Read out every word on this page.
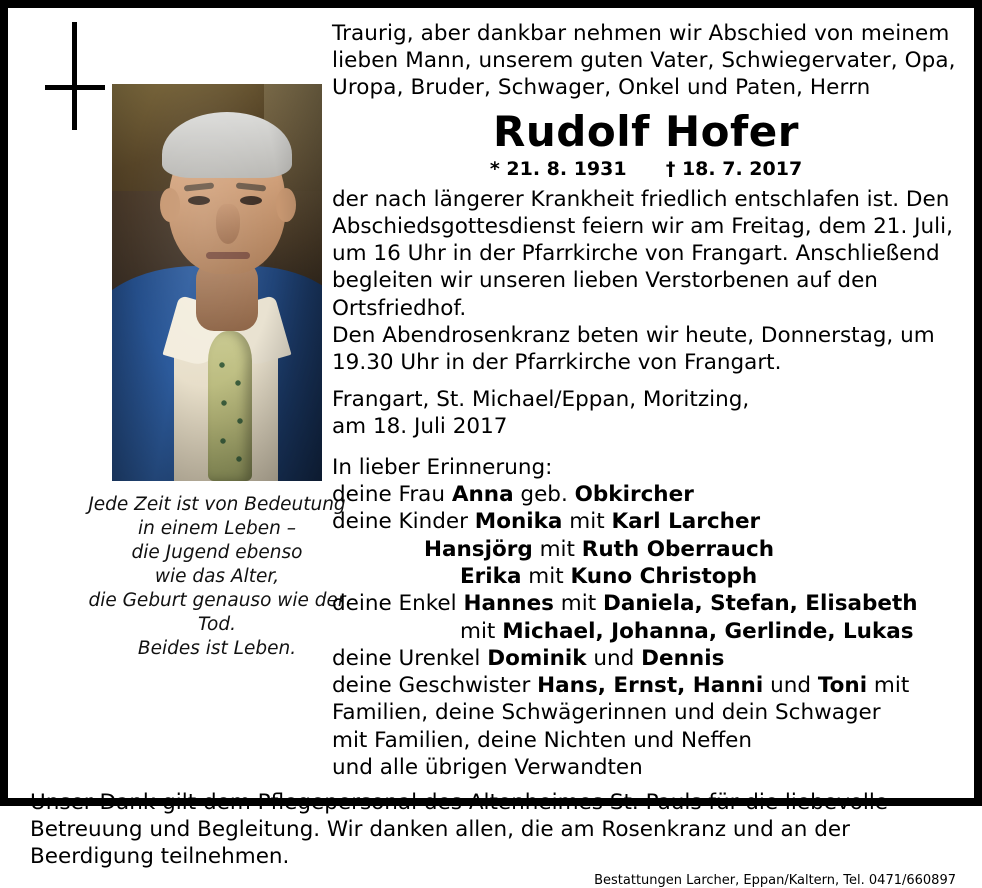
Jede Zeit ist von Bedeutung
in einem Leben –
die Jugend ebenso
wie das Alter,
die Geburt genauso wie der Tod.
Beides ist Leben.
Traurig, aber dankbar nehmen wir Abschied von meinem lieben Mann, unserem guten Vater, Schwiegervater, Opa, Uropa, Bruder, Schwager, Onkel und Paten, Herrn
Rudolf Hofer
* 21. 8. 1931 † 18. 7. 2017
der nach längerer Krankheit friedlich entschlafen ist. Den Abschiedsgottesdienst feiern wir am Freitag, dem 21. Juli, um 16 Uhr in der Pfarrkirche von Frangart. Anschließend begleiten wir unseren lieben Verstorbenen auf den Ortsfriedhof.
Den Abendrosenkranz beten wir heute, Donnerstag, um 19.30 Uhr in der Pfarrkirche von Frangart.
Frangart, St. Michael/Eppan, Moritzing,
am 18. Juli 2017
In lieber Erinnerung:
deine Frau Anna geb. Obkircher
deine Kinder Monika mit Karl Larcher
Hansjörg mit Ruth Oberrauch
Erika mit Kuno Christoph
deine Enkel Hannes mit Daniela, Stefan, Elisabeth
mit Michael, Johanna, Gerlinde, Lukas
deine Urenkel Dominik und Dennis
deine Geschwister Hans, Ernst, Hanni und Toni mit
Familien, deine Schwägerinnen und dein Schwager
mit Familien, deine Nichten und Neffen
und alle übrigen Verwandten
Unser Dank gilt dem Pflegepersonal des Altenheimes St. Pauls für die liebevolle Betreuung und Begleitung. Wir danken allen, die am Rosenkranz und an der Beerdigung teilnehmen.
Bestattungen Larcher, Eppan/Kaltern, Tel. 0471/660897
